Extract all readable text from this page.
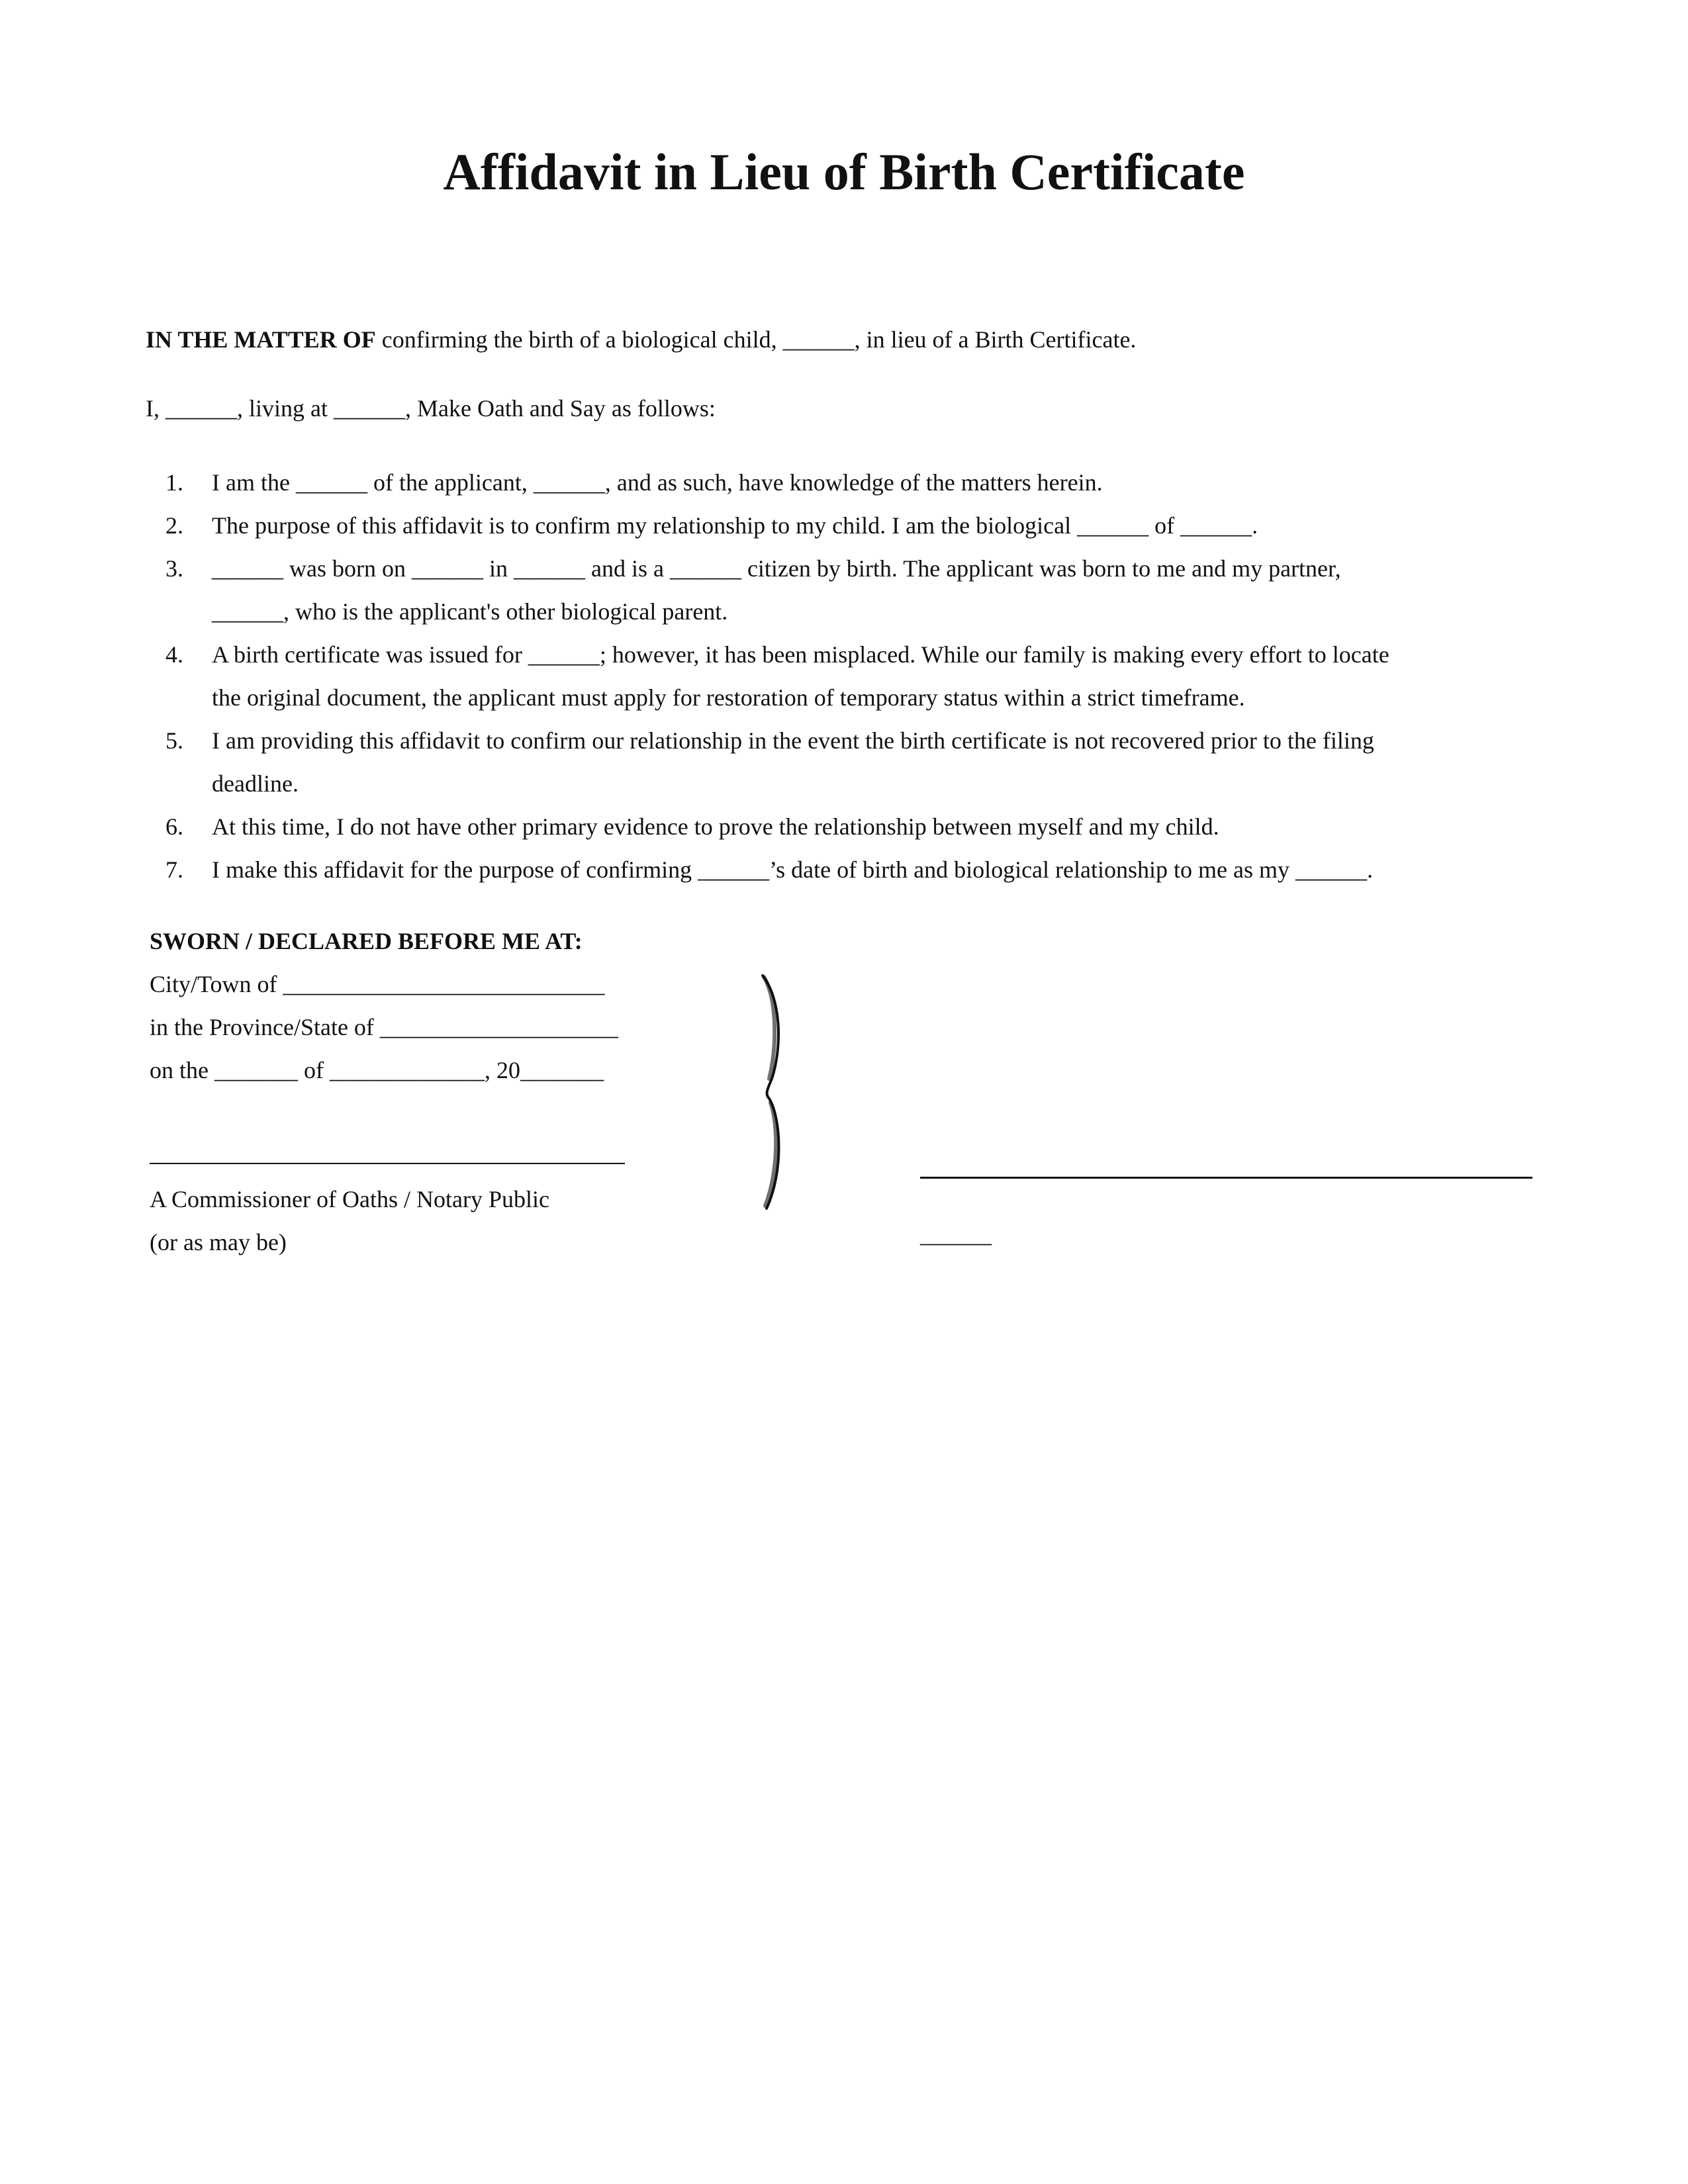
Affidavit in Lieu of Birth Certificate

IN THE MATTER OF confirming the birth of a biological child, ______, in lieu of a Birth Certificate.

I, ______, living at ______, Make Oath and Say as follows:

1.	I am the ______ of the applicant, ______, and as such, have knowledge of the matters herein.
2.	The purpose of this affidavit is to confirm my relationship to my child. I am the biological ______ of ______.
3.	______ was born on ______ in ______ and is a ______ citizen by birth. The applicant was born to me and my partner,
______, who is the applicant's other biological parent.
4.	A birth certificate was issued for ______; however, it has been misplaced. While our family is making every effort to locate
the original document, the applicant must apply for restoration of temporary status within a strict timeframe.
5.	I am providing this affidavit to confirm our relationship in the event the birth certificate is not recovered prior to the filing
deadline.
6.	At this time, I do not have other primary evidence to prove the relationship between myself and my child.
7.	I make this affidavit for the purpose of confirming ______’s date of birth and biological relationship to me as my ______.
SWORN / DECLARED BEFORE ME AT:
City/Town of ___________________________
in the Province/State of ____________________
on the _______ of _____________, 20_______
A Commissioner of Oaths / Notary Public
(or as may be)	______
